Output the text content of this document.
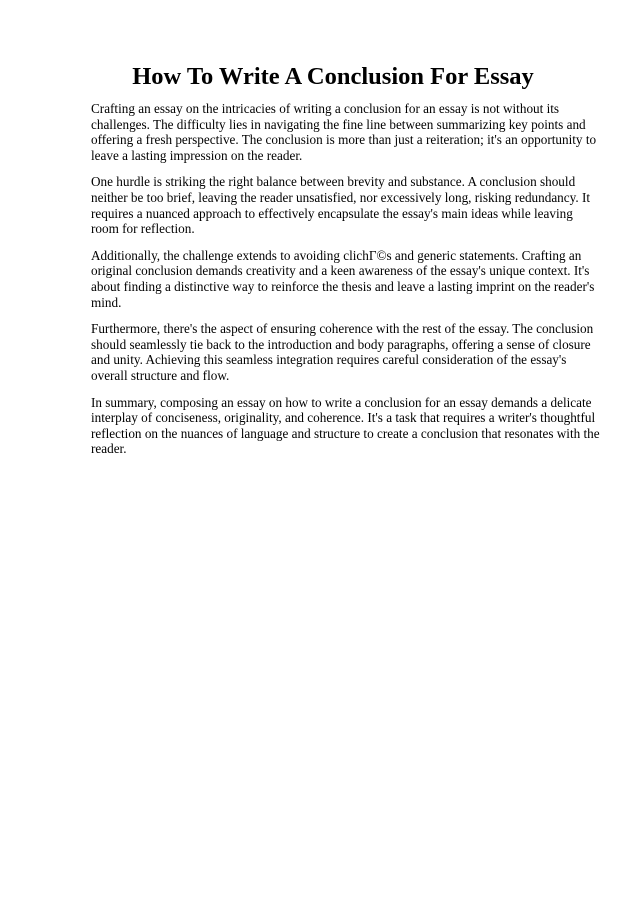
How To Write A Conclusion For Essay

Crafting an essay on the intricacies of writing a conclusion for an essay is not without its challenges. The difficulty lies in navigating the fine line between summarizing key points and offering a fresh perspective. The conclusion is more than just a reiteration; it's an opportunity to leave a lasting impression on the reader.

One hurdle is striking the right balance between brevity and substance. A conclusion should neither be too brief, leaving the reader unsatisfied, nor excessively long, risking redundancy. It requires a nuanced approach to effectively encapsulate the essay's main ideas while leaving room for reflection.

Additionally, the challenge extends to avoiding clichГ©s and generic statements. Crafting an original conclusion demands creativity and a keen awareness of the essay's unique context. It's about finding a distinctive way to reinforce the thesis and leave a lasting imprint on the reader's mind.

Furthermore, there's the aspect of ensuring coherence with the rest of the essay. The conclusion should seamlessly tie back to the introduction and body paragraphs, offering a sense of closure and unity. Achieving this seamless integration requires careful consideration of the essay's overall structure and flow.

In summary, composing an essay on how to write a conclusion for an essay demands a delicate interplay of conciseness, originality, and coherence. It's a task that requires a writer's thoughtful reflection on the nuances of language and structure to create a conclusion that resonates with the reader.
